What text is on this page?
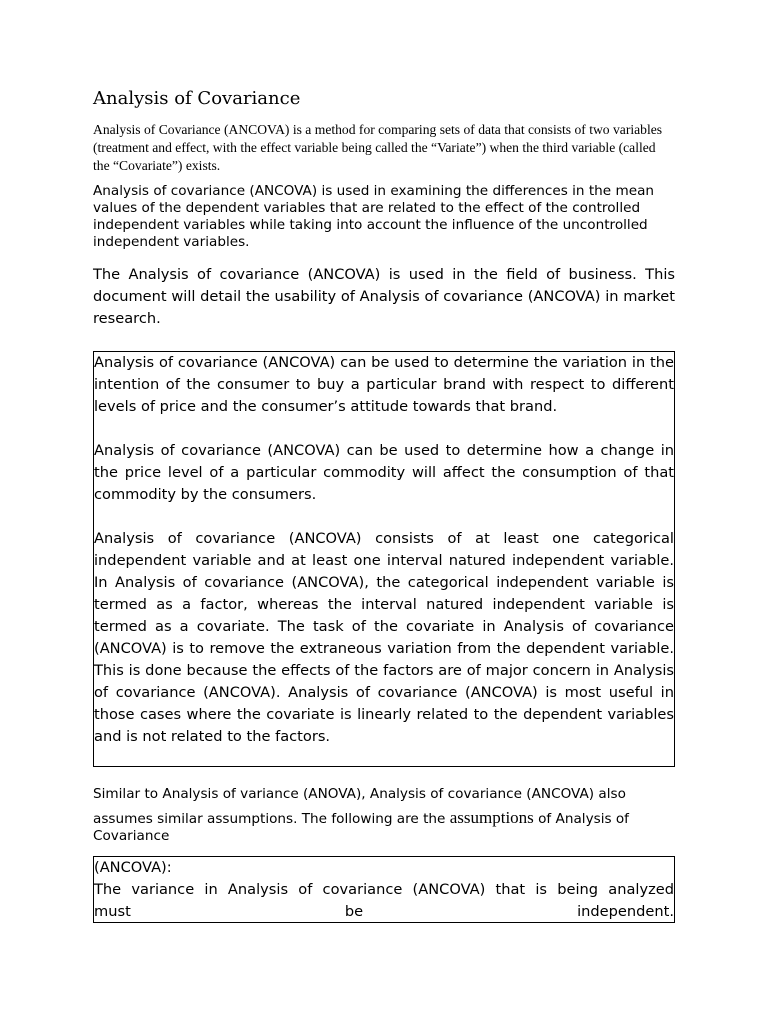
Analysis of Covariance
Analysis of Covariance (ANCOVA) is a method for comparing sets of data that consists of two variables (treatment and effect, with the effect variable being called the “Variate”) when the third variable (called the “Covariate”) exists.
Analysis of covariance (ANCOVA) is used in examining the differences in the mean values of the dependent variables that are related to the effect of the controlled independent variables while taking into account the influence of the uncontrolled independent variables.
The Analysis of covariance (ANCOVA) is used in the field of business. This document will detail the usability of Analysis of covariance (ANCOVA) in market research.

Analysis of covariance (ANCOVA) can be used to determine the variation in the intention of the consumer to buy a particular brand with respect to different levels of price and the consumer’s attitude towards that brand.

Analysis of covariance (ANCOVA) can be used to determine how a change in the price level of a particular commodity will affect the consumption of that commodity by the consumers.

Analysis of covariance (ANCOVA) consists of at least one categorical independent variable and at least one interval natured independent variable. In Analysis of covariance (ANCOVA), the categorical independent variable is termed as a factor, whereas the interval natured independent variable is termed as a covariate. The task of the covariate in Analysis of covariance (ANCOVA) is to remove the extraneous variation from the dependent variable. This is done because the effects of the factors are of major concern in Analysis of covariance (ANCOVA). Analysis of covariance (ANCOVA) is most useful in those cases where the covariate is linearly related to the dependent variables and is not related to the factors.

Similar to Analysis of variance (ANOVA), Analysis of covariance (ANCOVA) also
assumes similar assumptions. The following are the assumptions of Analysis of
Covariance
(ANCOVA):
The variance in Analysis of covariance (ANCOVA) that is being analyzed
must be independent.
